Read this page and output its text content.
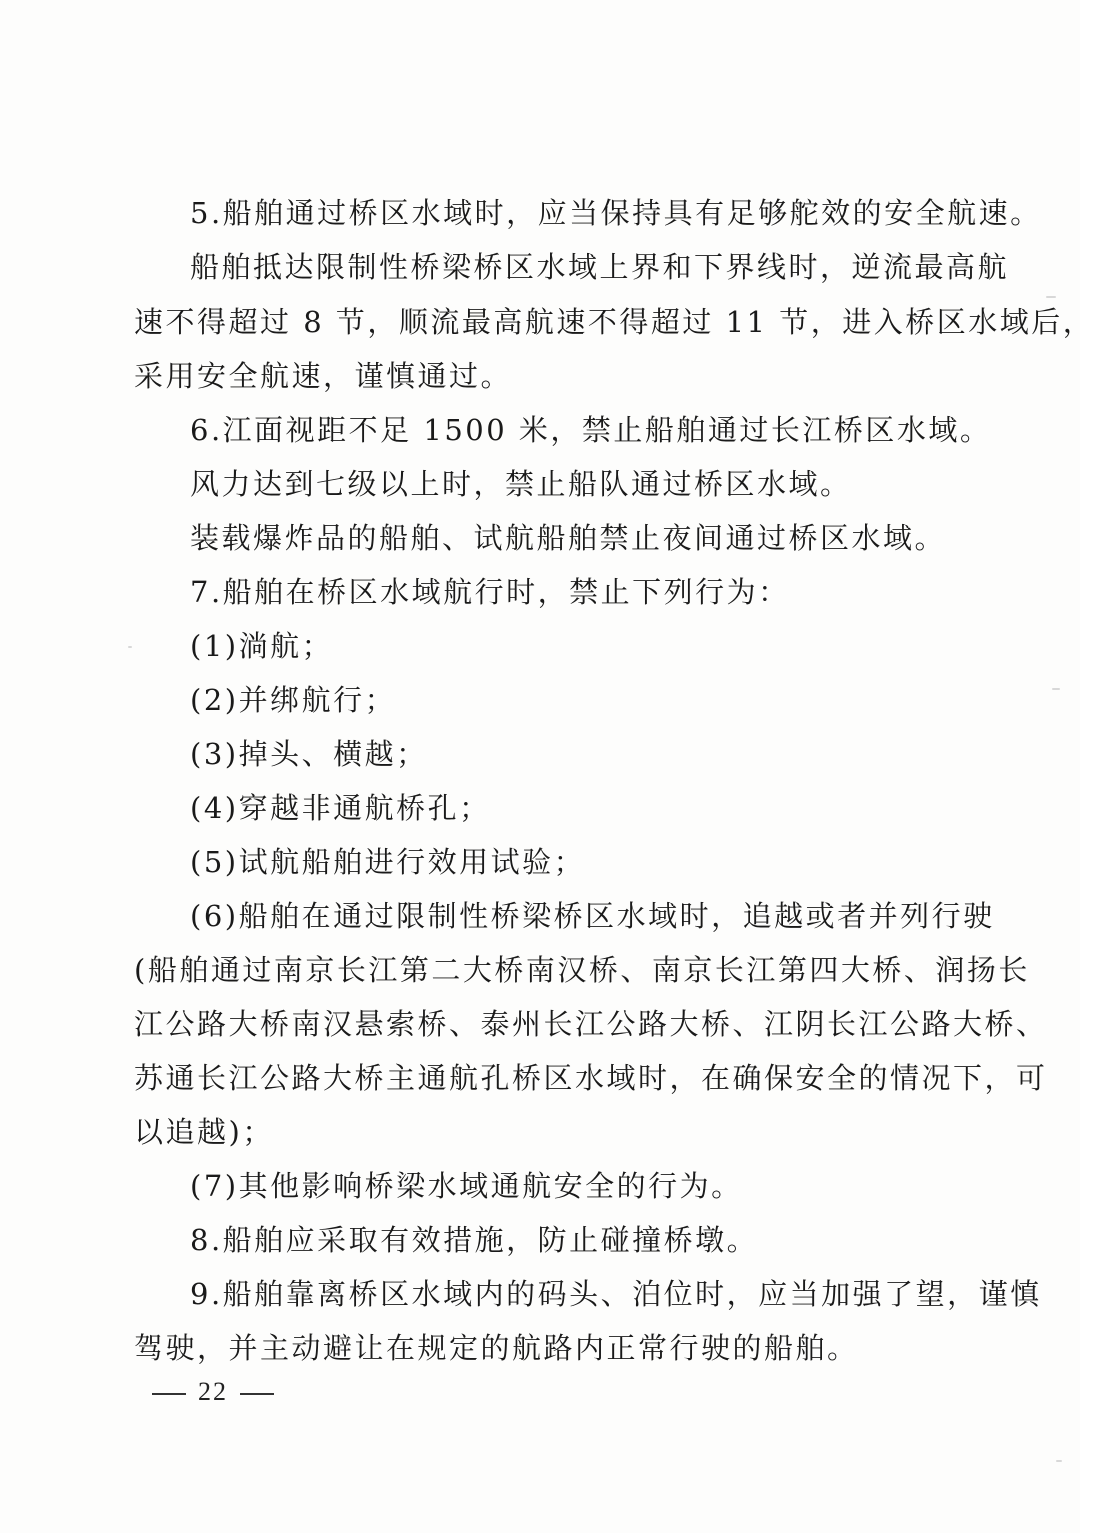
5.船舶通过桥区水域时，应当保持具有足够舵效的安全航速。
船舶抵达限制性桥梁桥区水域上界和下界线时，逆流最高航
速不得超过 8 节，顺流最高航速不得超过 11 节，进入桥区水域后，
采用安全航速，谨慎通过。
6.江面视距不足 1500 米，禁止船舶通过长江桥区水域。
风力达到七级以上时，禁止船队通过桥区水域。
装载爆炸品的船舶、试航船舶禁止夜间通过桥区水域。
7.船舶在桥区水域航行时，禁止下列行为：
(1)淌航；
(2)并绑航行；
(3)掉头、横越；
(4)穿越非通航桥孔；
(5)试航船舶进行效用试验；
(6)船舶在通过限制性桥梁桥区水域时，追越或者并列行驶
(船舶通过南京长江第二大桥南汉桥、南京长江第四大桥、润扬长
江公路大桥南汉悬索桥、泰州长江公路大桥、江阴长江公路大桥、
苏通长江公路大桥主通航孔桥区水域时，在确保安全的情况下，可
以追越)；
(7)其他影响桥梁水域通航安全的行为。
8.船舶应采取有效措施，防止碰撞桥墩。
9.船舶靠离桥区水域内的码头、泊位时，应当加强了望，谨慎
驾驶，并主动避让在规定的航路内正常行驶的船舶。
22
